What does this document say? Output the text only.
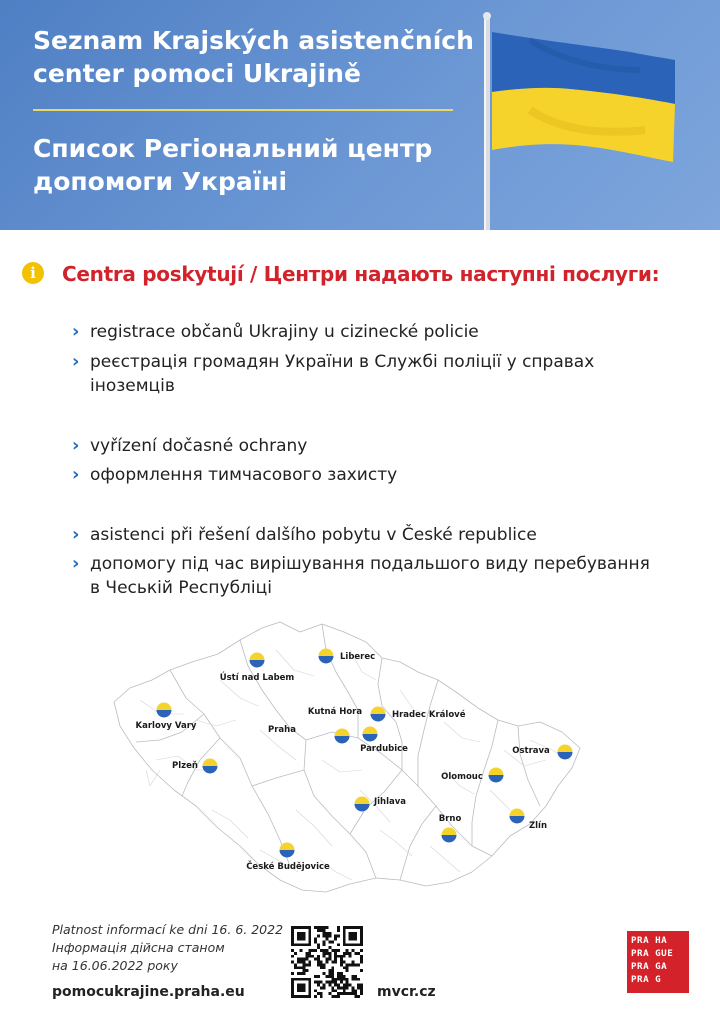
Seznam Krajských asistenčních
center pomoci Ukrajině
Список Регіональний центр
допомоги Україні
i	Centra poskytují / Центри надають наступні послуги:
› registrace občanů Ukrajiny u cizinecké policie
› реєстрація громадян України в Службі поліції у справах іноземців
› vyřízení dočasné ochrany
› оформлення тимчасового захисту
› asistenci při řešení dalšího pobytu v České republice
› допомогу під час вирішування подальшого виду перебування в Чеській Республіці
Liberec
Ústí nad Labem
Karlovy Vary	Praha
Kutná Hora	Hradec Králové
Pardubice	Ostrava
Plzeň
Olomouc
Jihlava
Brno
Zlín
České Budějovice
Platnost informací ke dni 16. 6. 2022
Інформація дійсна станом
на 16.06.2022 року
pomocukrajine.praha.eu	mvcr.cz
PRA HA
PRA GUE
PRA GA
PRA G
